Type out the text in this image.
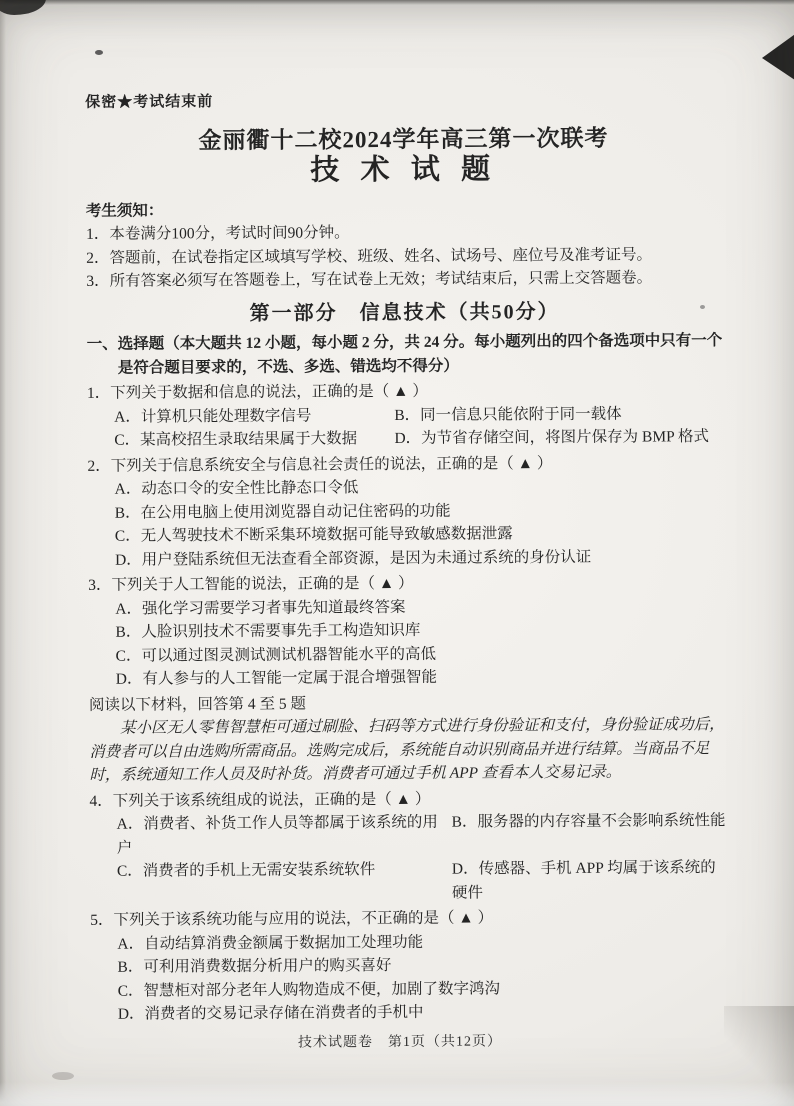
保密★考试结束前
金丽衢十二校2024学年高三第一次联考
技 术 试 题
考生须知：

1．本卷满分100分，考试时间90分钟。

2．答题前，在试卷指定区域填写学校、班级、姓名、试场号、座位号及准考证号。

3．所有答案必须写在答题卷上，写在试卷上无效；考试结束后，只需上交答题卷。

第一部分　信息技术（共50分）

一、选择题（本大题共 12 小题，每小题 2 分，共 24 分。每小题列出的四个备选项中只有一个是符合题目要求的，不选、多选、错选均不得分）

1．下列关于数据和信息的说法，正确的是（ ▲ ）

A．计算机只能处理数字信号	B．同一信息只能依附于同一载体
C．某高校招生录取结果属于大数据	D．为节省存储空间，将图片保存为 BMP 格式

2．下列关于信息系统安全与信息社会责任的说法，正确的是（ ▲ ）

A．动态口令的安全性比静态口令低
B．在公用电脑上使用浏览器自动记住密码的功能
C．无人驾驶技术不断采集环境数据可能导致敏感数据泄露
D．用户登陆系统但无法查看全部资源，是因为未通过系统的身份认证

3．下列关于人工智能的说法，正确的是（ ▲ ）

A．强化学习需要学习者事先知道最终答案
B．人脸识别技术不需要事先手工构造知识库
C．可以通过图灵测试测试机器智能水平的高低
D．有人参与的人工智能一定属于混合增强智能

阅读以下材料，回答第 4 至 5 题

某小区无人零售智慧柜可通过刷脸、扫码等方式进行身份验证和支付，身份验证成功后，消费者可以自由选购所需商品。选购完成后，系统能自动识别商品并进行结算。当商品不足时，系统通知工作人员及时补货。消费者可通过手机 APP 查看本人交易记录。

4．下列关于该系统组成的说法，正确的是（ ▲ ）

A．消费者、补货工作人员等都属于该系统的用户
B．服务器的内存容量不会影响系统性能
C．消费者的手机上无需安装系统软件	D．传感器、手机 APP 均属于该系统的硬件

5．下列关于该系统功能与应用的说法，不正确的是（ ▲ ）

A．自动结算消费金额属于数据加工处理功能
B．可利用消费数据分析用户的购买喜好
C．智慧柜对部分老年人购物造成不便，加剧了数字鸿沟
D．消费者的交易记录存储在消费者的手机中
技术试题卷　第1页（共12页）
